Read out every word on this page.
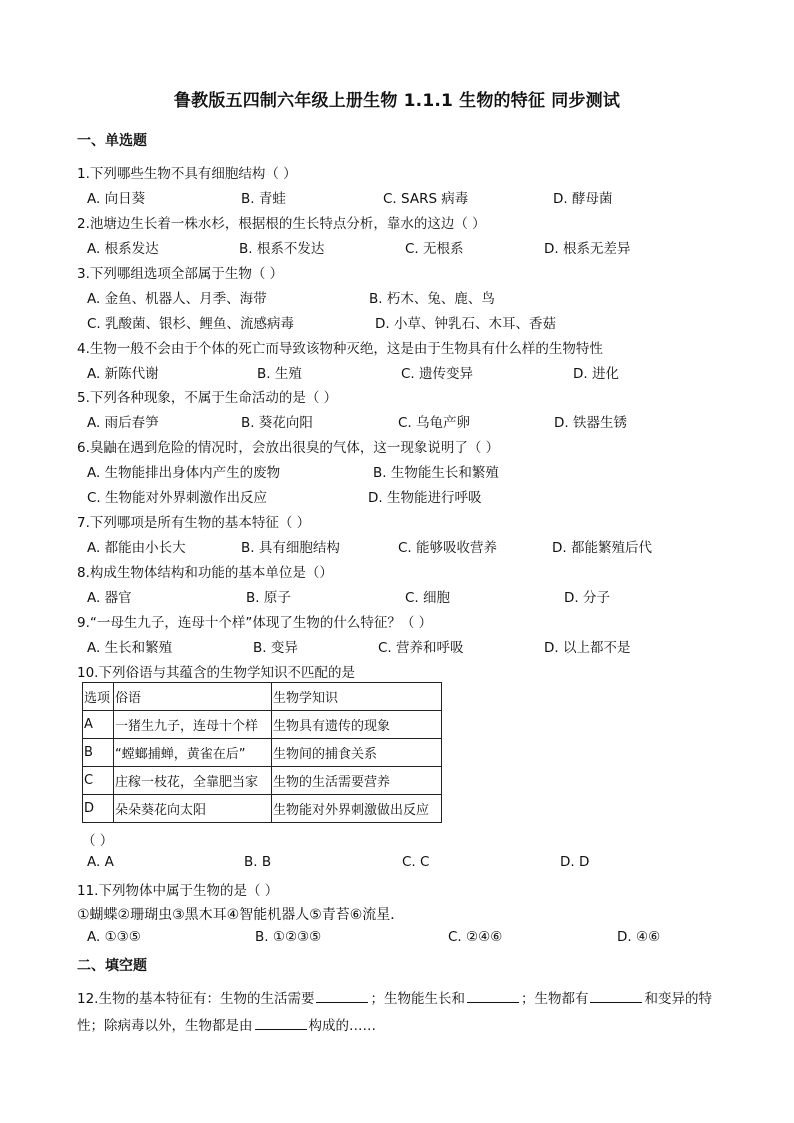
鲁教版五四制六年级上册生物 1.1.1 生物的特征 同步测试
一、单选题
1.下列哪些生物不具有细胞结构（ ）
A. 向日葵	B. 青蛙	C. SARS 病毒	D. 酵母菌
2.池塘边生长着一株水杉，根据根的生长特点分析，靠水的这边（ ）
A. 根系发达	B. 根系不发达	C. 无根系	D. 根系无差异
3.下列哪组选项全部属于生物（ ）
A. 金鱼、机器人、月季、海带	B. 朽木、兔、鹿、鸟
C. 乳酸菌、银杉、鲤鱼、流感病毒	D. 小草、钟乳石、木耳、香菇
4.生物一般不会由于个体的死亡而导致该物种灭绝，这是由于生物具有什么样的生物特性
A. 新陈代谢	B. 生殖	C. 遗传变异	D. 进化
5.下列各种现象，不属于生命活动的是（ ）
A. 雨后春笋	B. 葵花向阳	C. 乌龟产卵	D. 铁器生锈
6.臭鼬在遇到危险的情况时，会放出很臭的气体，这一现象说明了（ ）
A. 生物能排出身体内产生的废物	B. 生物能生长和繁殖
C. 生物能对外界刺激作出反应	D. 生物能进行呼吸
7.下列哪项是所有生物的基本特征（ ）
A. 都能由小长大	B. 具有细胞结构	C. 能够吸收营养	D. 都能繁殖后代
8.构成生物体结构和功能的基本单位是（）
A. 器官	B. 原子	C. 细胞	D. 分子
9.“一母生九子，连母十个样”体现了生物的什么特征？（ ）
A. 生长和繁殖	B. 变异	C. 营养和呼吸	D. 以上都不是
10.下列俗语与其蕴含的生物学知识不匹配的是
选项	俗语	生物学知识
A	一猪生九子，连母十个样	生物具有遗传的现象
B	“螳螂捕蝉，黄雀在后”	生物间的捕食关系
C	庄稼一枝花，全靠肥当家	生物的生活需要营养
D	朵朵葵花向太阳	生物能对外界刺激做出反应
（ ）
A. A	B. B	C. C	D. D
11.下列物体中属于生物的是（ ）
①蝴蝶②珊瑚虫③黑木耳④智能机器人⑤青苔⑥流星．
A. ①③⑤	B. ①②③⑤	C. ②④⑥	D. ④⑥
二、填空题
12.生物的基本特征有：生物的生活需要	；生物能生长和	；生物都有	和变异的特
性；除病毒以外，生物都是由	构成的……
